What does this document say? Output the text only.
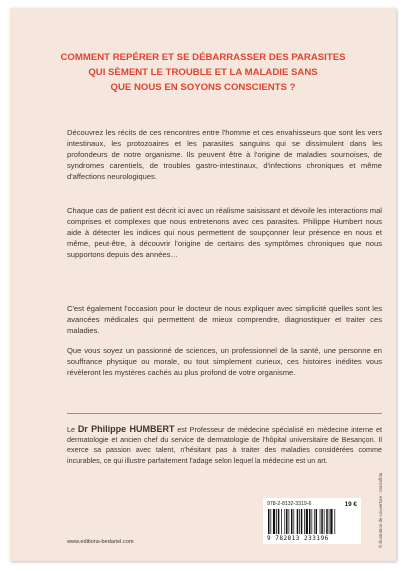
COMMENT REPÉRER ET SE DÉBARRASSER DES PARASITES
QUI SÈMENT LE TROUBLE ET LA MALADIE SANS
QUE NOUS EN SOYONS CONSCIENTS ?

Découvrez les récits de ces rencontres entre l'homme et ces envahisseurs que sont les vers intestinaux, les protozoaires et les parasites sanguins qui se dissimulent dans les profondeurs de notre organisme. Ils peuvent être à l'origine de maladies sournoises, de syndromes carentiels, de troubles gastro-intestinaux, d'infections chroniques et même d'affections neurologiques.

Chaque cas de patient est décrit ici avec un réalisme saisissant et dévoile les interactions mal comprises et complexes que nous entretenons avec ces parasites. Philippe Humbert nous aide à détecter les indices qui nous permettent de soupçonner leur présence en nous et même, peut-être, à découvrir l'origine de certains des symptômes chroniques que nous supportons depuis des années…

C'est également l'occasion pour le docteur de nous expliquer avec simplicité quelles sont les avancées médicales qui permettent de mieux comprendre, diagnostiquer et traiter ces maladies.

Que vous soyez un passionné de sciences, un professionnel de la santé, une personne en souffrance physique ou morale, ou tout simplement curieux, ces histoires inédites vous révèleront les mystères cachés au plus profond de votre organisme.

Le Dr Philippe HUMBERT est Professeur de médecine spécialisé en médecine interne et dermatologie et ancien chef du service de dermatologie de l'hôpital universitaire de Besançon. Il exerce sa passion avec talent, n'hésitant pas à traiter des maladies considérées comme incurables, ce qui illustre parfaitement l'adage selon lequel la médecine est un art.

978-2-8132-3319-6	19 €
9 782813 233196	© illustration de couverture : Vonsofitta
www.editions-bedariel.com
